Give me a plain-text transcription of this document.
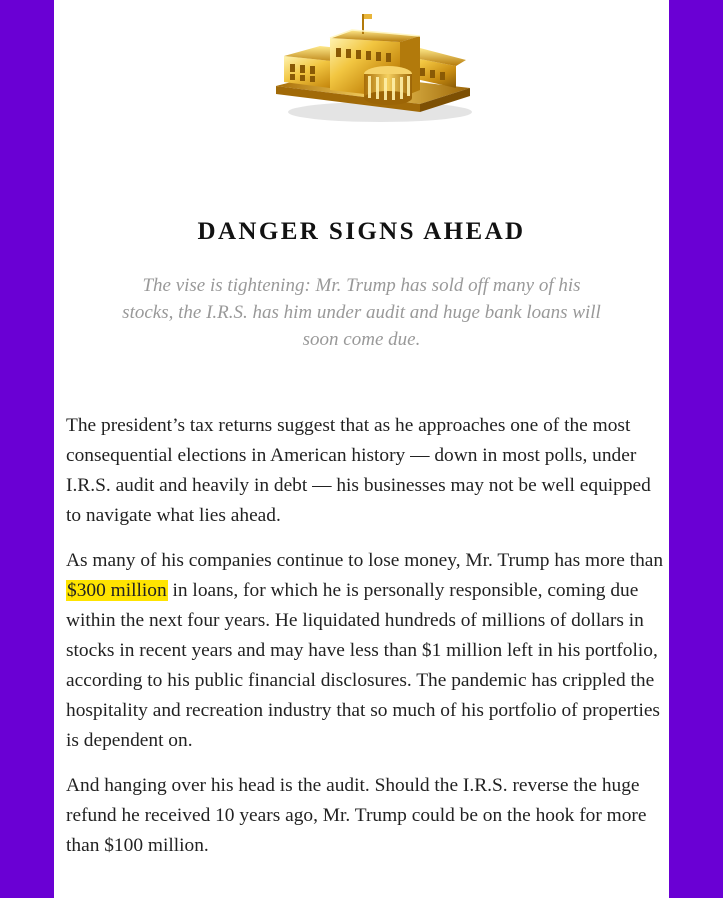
DANGER SIGNS AHEAD

The vise is tightening: Mr. Trump has sold off many of his stocks, the I.R.S. has him under audit and huge bank loans will soon come due.

The president’s tax returns suggest that as he approaches one of the most consequential elections in American history — down in most polls, under I.R.S. audit and heavily in debt — his businesses may not be well equipped to navigate what lies ahead.

As many of his companies continue to lose money, Mr. Trump has more than $300 million in loans, for which he is personally responsible, coming due within the next four years. He liquidated hundreds of millions of dollars in stocks in recent years and may have less than $1 million left in his portfolio, according to his public financial disclosures. The pandemic has crippled the hospitality and recreation industry that so much of his portfolio of properties is dependent on.

And hanging over his head is the audit. Should the I.R.S. reverse the huge refund he received 10 years ago, Mr. Trump could be on the hook for more than $100 million.
